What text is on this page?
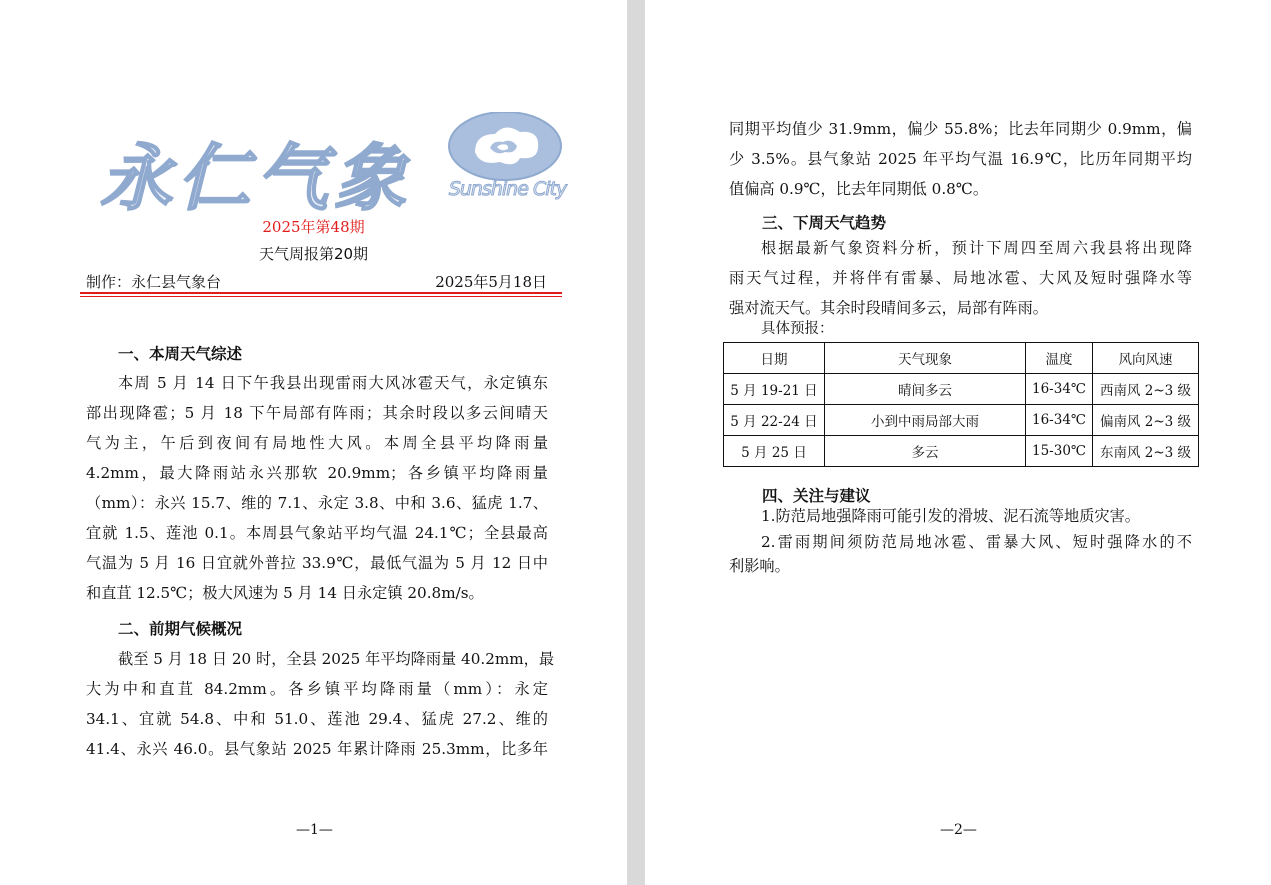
永仁气象 Sunshine City
2025年第48期
天气周报第20期
制作：永仁县气象台	2025年5月18日
一、本周天气综述
本周 5 月 14 日下午我县出现雷雨大风冰雹天气，永定镇东
部出现降雹；5 月 18 下午局部有阵雨；其余时段以多云间晴天
气为主，午后到夜间有局地性大风。本周全县平均降雨量
4.2mm，最大降雨站永兴那软 20.9mm；各乡镇平均降雨量
（mm）：永兴 15.7、维的 7.1、永定 3.8、中和 3.6、猛虎 1.7、
宜就 1.5、莲池 0.1。本周县气象站平均气温 24.1℃；全县最高
气温为 5 月 16 日宜就外普拉 33.9℃，最低气温为 5 月 12 日中
和直苴 12.5℃；极大风速为 5 月 14 日永定镇 20.8m/s。
二、前期气候概况
截至 5 月 18 日 20 时，全县 2025 年平均降雨量 40.2mm，最
大为中和直苴 84.2mm。各乡镇平均降雨量（mm）：永定
34.1、宜就 54.8、中和 51.0、莲池 29.4、猛虎 27.2、维的
41.4、永兴 46.0。县气象站 2025 年累计降雨 25.3mm，比多年
—1—
同期平均值少 31.9mm，偏少 55.8%；比去年同期少 0.9mm，偏
少 3.5%。县气象站 2025 年平均气温 16.9℃，比历年同期平均
值偏高 0.9℃，比去年同期低 0.8℃。
三、下周天气趋势
根据最新气象资料分析，预计下周四至周六我县将出现降
雨天气过程，并将伴有雷暴、局地冰雹、大风及短时强降水等
强对流天气。其余时段晴间多云，局部有阵雨。
具体预报：
日期	天气现象	温度	风向风速
5 月 19-21 日	晴间多云	16-34℃	西南风 2~3 级
5 月 22-24 日	小到中雨局部大雨	16-34℃	偏南风 2~3 级
5 月 25 日	多云	15-30℃	东南风 2~3 级
四、关注与建议
1.防范局地强降雨可能引发的滑坡、泥石流等地质灾害。
2.雷雨期间须防范局地冰雹、雷暴大风、短时强降水的不
利影响。
—2—
